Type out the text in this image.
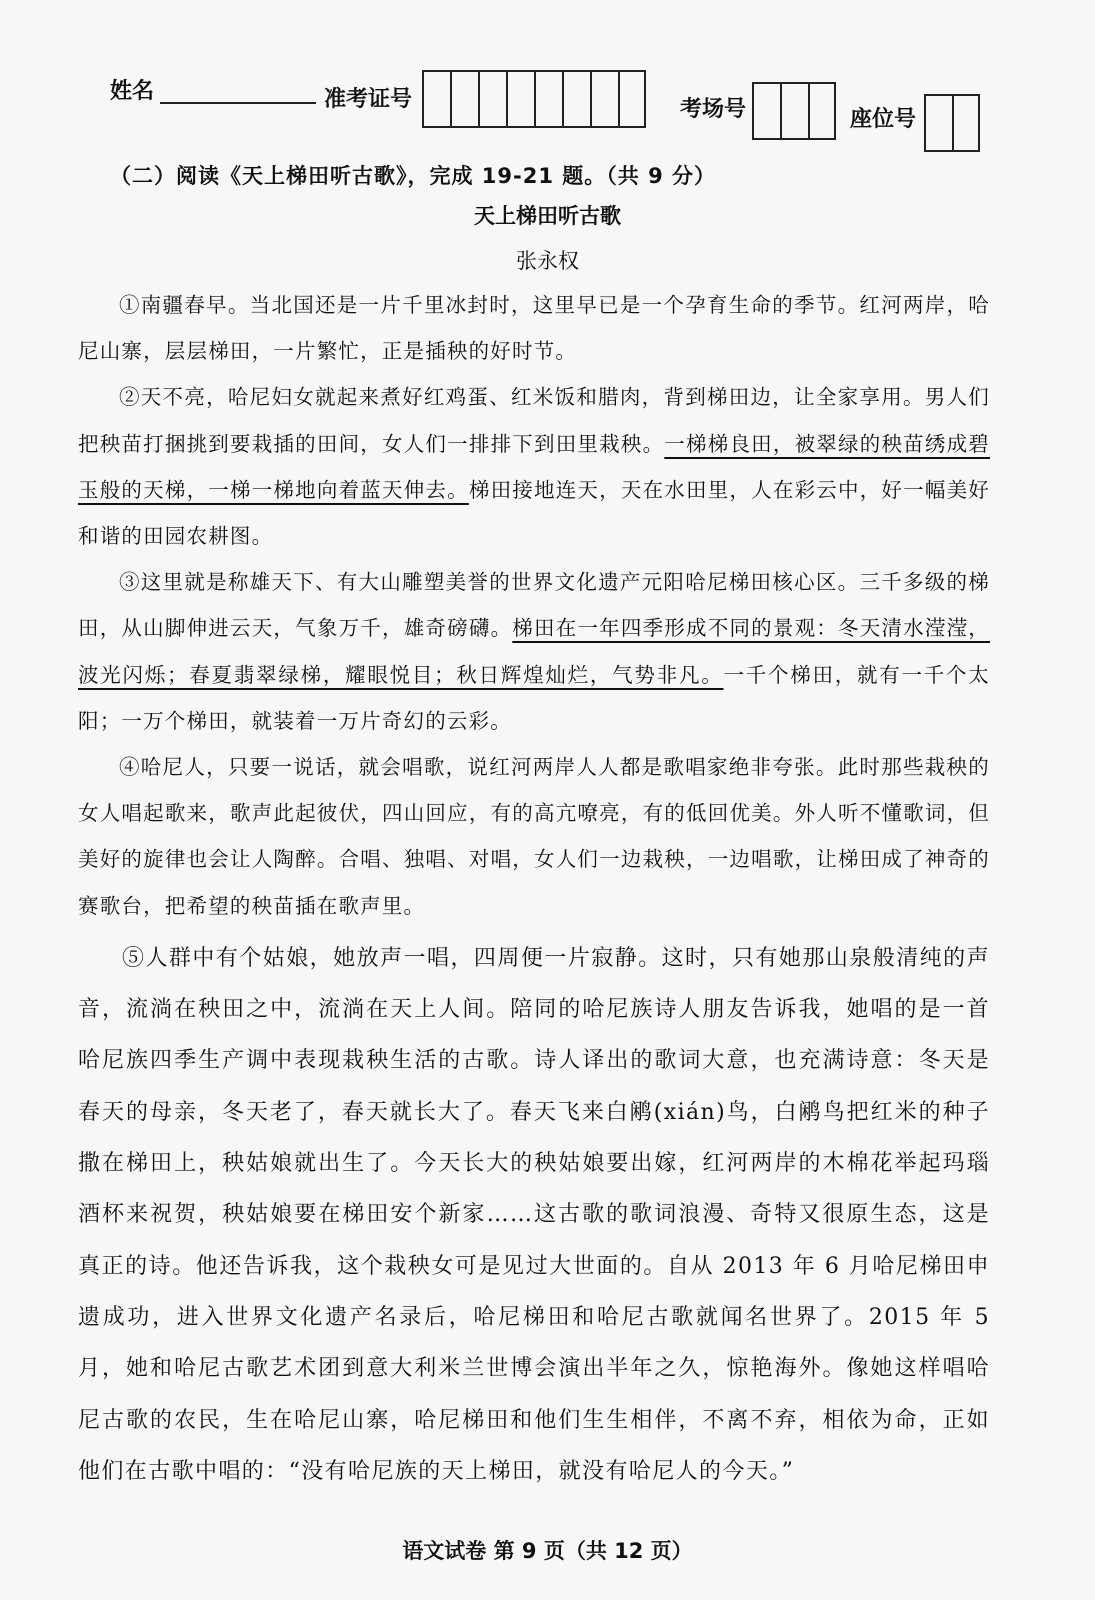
姓名	准考证号	考场号	座位号
（二）阅读《天上梯田听古歌》，完成 19-21 题。（共 9 分）
天上梯田听古歌
张永权

①南疆春早。当北国还是一片千里冰封时，这里早已是一个孕育生命的季节。红河两岸，哈尼山寨，层层梯田，一片繁忙，正是插秧的好时节。

②天不亮，哈尼妇女就起来煮好红鸡蛋、红米饭和腊肉，背到梯田边，让全家享用。男人们把秧苗打捆挑到要栽插的田间，女人们一排排下到田里栽秧。一梯梯良田，被翠绿的秧苗绣成碧玉般的天梯，一梯一梯地向着蓝天伸去。梯田接地连天，天在水田里，人在彩云中，好一幅美好和谐的田园农耕图。

③这里就是称雄天下、有大山雕塑美誉的世界文化遗产元阳哈尼梯田核心区。三千多级的梯田，从山脚伸进云天，气象万千，雄奇磅礴。梯田在一年四季形成不同的景观：冬天清水滢滢，波光闪烁；春夏翡翠绿梯，耀眼悦目；秋日辉煌灿烂，气势非凡。一千个梯田，就有一千个太阳；一万个梯田，就装着一万片奇幻的云彩。

④哈尼人，只要一说话，就会唱歌，说红河两岸人人都是歌唱家绝非夸张。此时那些栽秧的女人唱起歌来，歌声此起彼伏，四山回应，有的高亢嘹亮，有的低回优美。外人听不懂歌词，但美好的旋律也会让人陶醉。合唱、独唱、对唱，女人们一边栽秧，一边唱歌，让梯田成了神奇的赛歌台，把希望的秧苗插在歌声里。

⑤人群中有个姑娘，她放声一唱，四周便一片寂静。这时，只有她那山泉般清纯的声音，流淌在秧田之中，流淌在天上人间。陪同的哈尼族诗人朋友告诉我，她唱的是一首哈尼族四季生产调中表现栽秧生活的古歌。诗人译出的歌词大意，也充满诗意：冬天是春天的母亲，冬天老了，春天就长大了。春天飞来白鹇(xián)鸟，白鹇鸟把红米的种子撒在梯田上，秧姑娘就出生了。今天长大的秧姑娘要出嫁，红河两岸的木棉花举起玛瑙酒杯来祝贺，秧姑娘要在梯田安个新家……这古歌的歌词浪漫、奇特又很原生态，这是真正的诗。他还告诉我，这个栽秧女可是见过大世面的。自从 2013 年 6 月哈尼梯田申遗成功，进入世界文化遗产名录后，哈尼梯田和哈尼古歌就闻名世界了。2015 年 5 月，她和哈尼古歌艺术团到意大利米兰世博会演出半年之久，惊艳海外。像她这样唱哈尼古歌的农民，生在哈尼山寨，哈尼梯田和他们生生相伴，不离不弃，相依为命，正如他们在古歌中唱的：“没有哈尼族的天上梯田，就没有哈尼人的今天。”

语文试卷 第 9 页（共 12 页）
